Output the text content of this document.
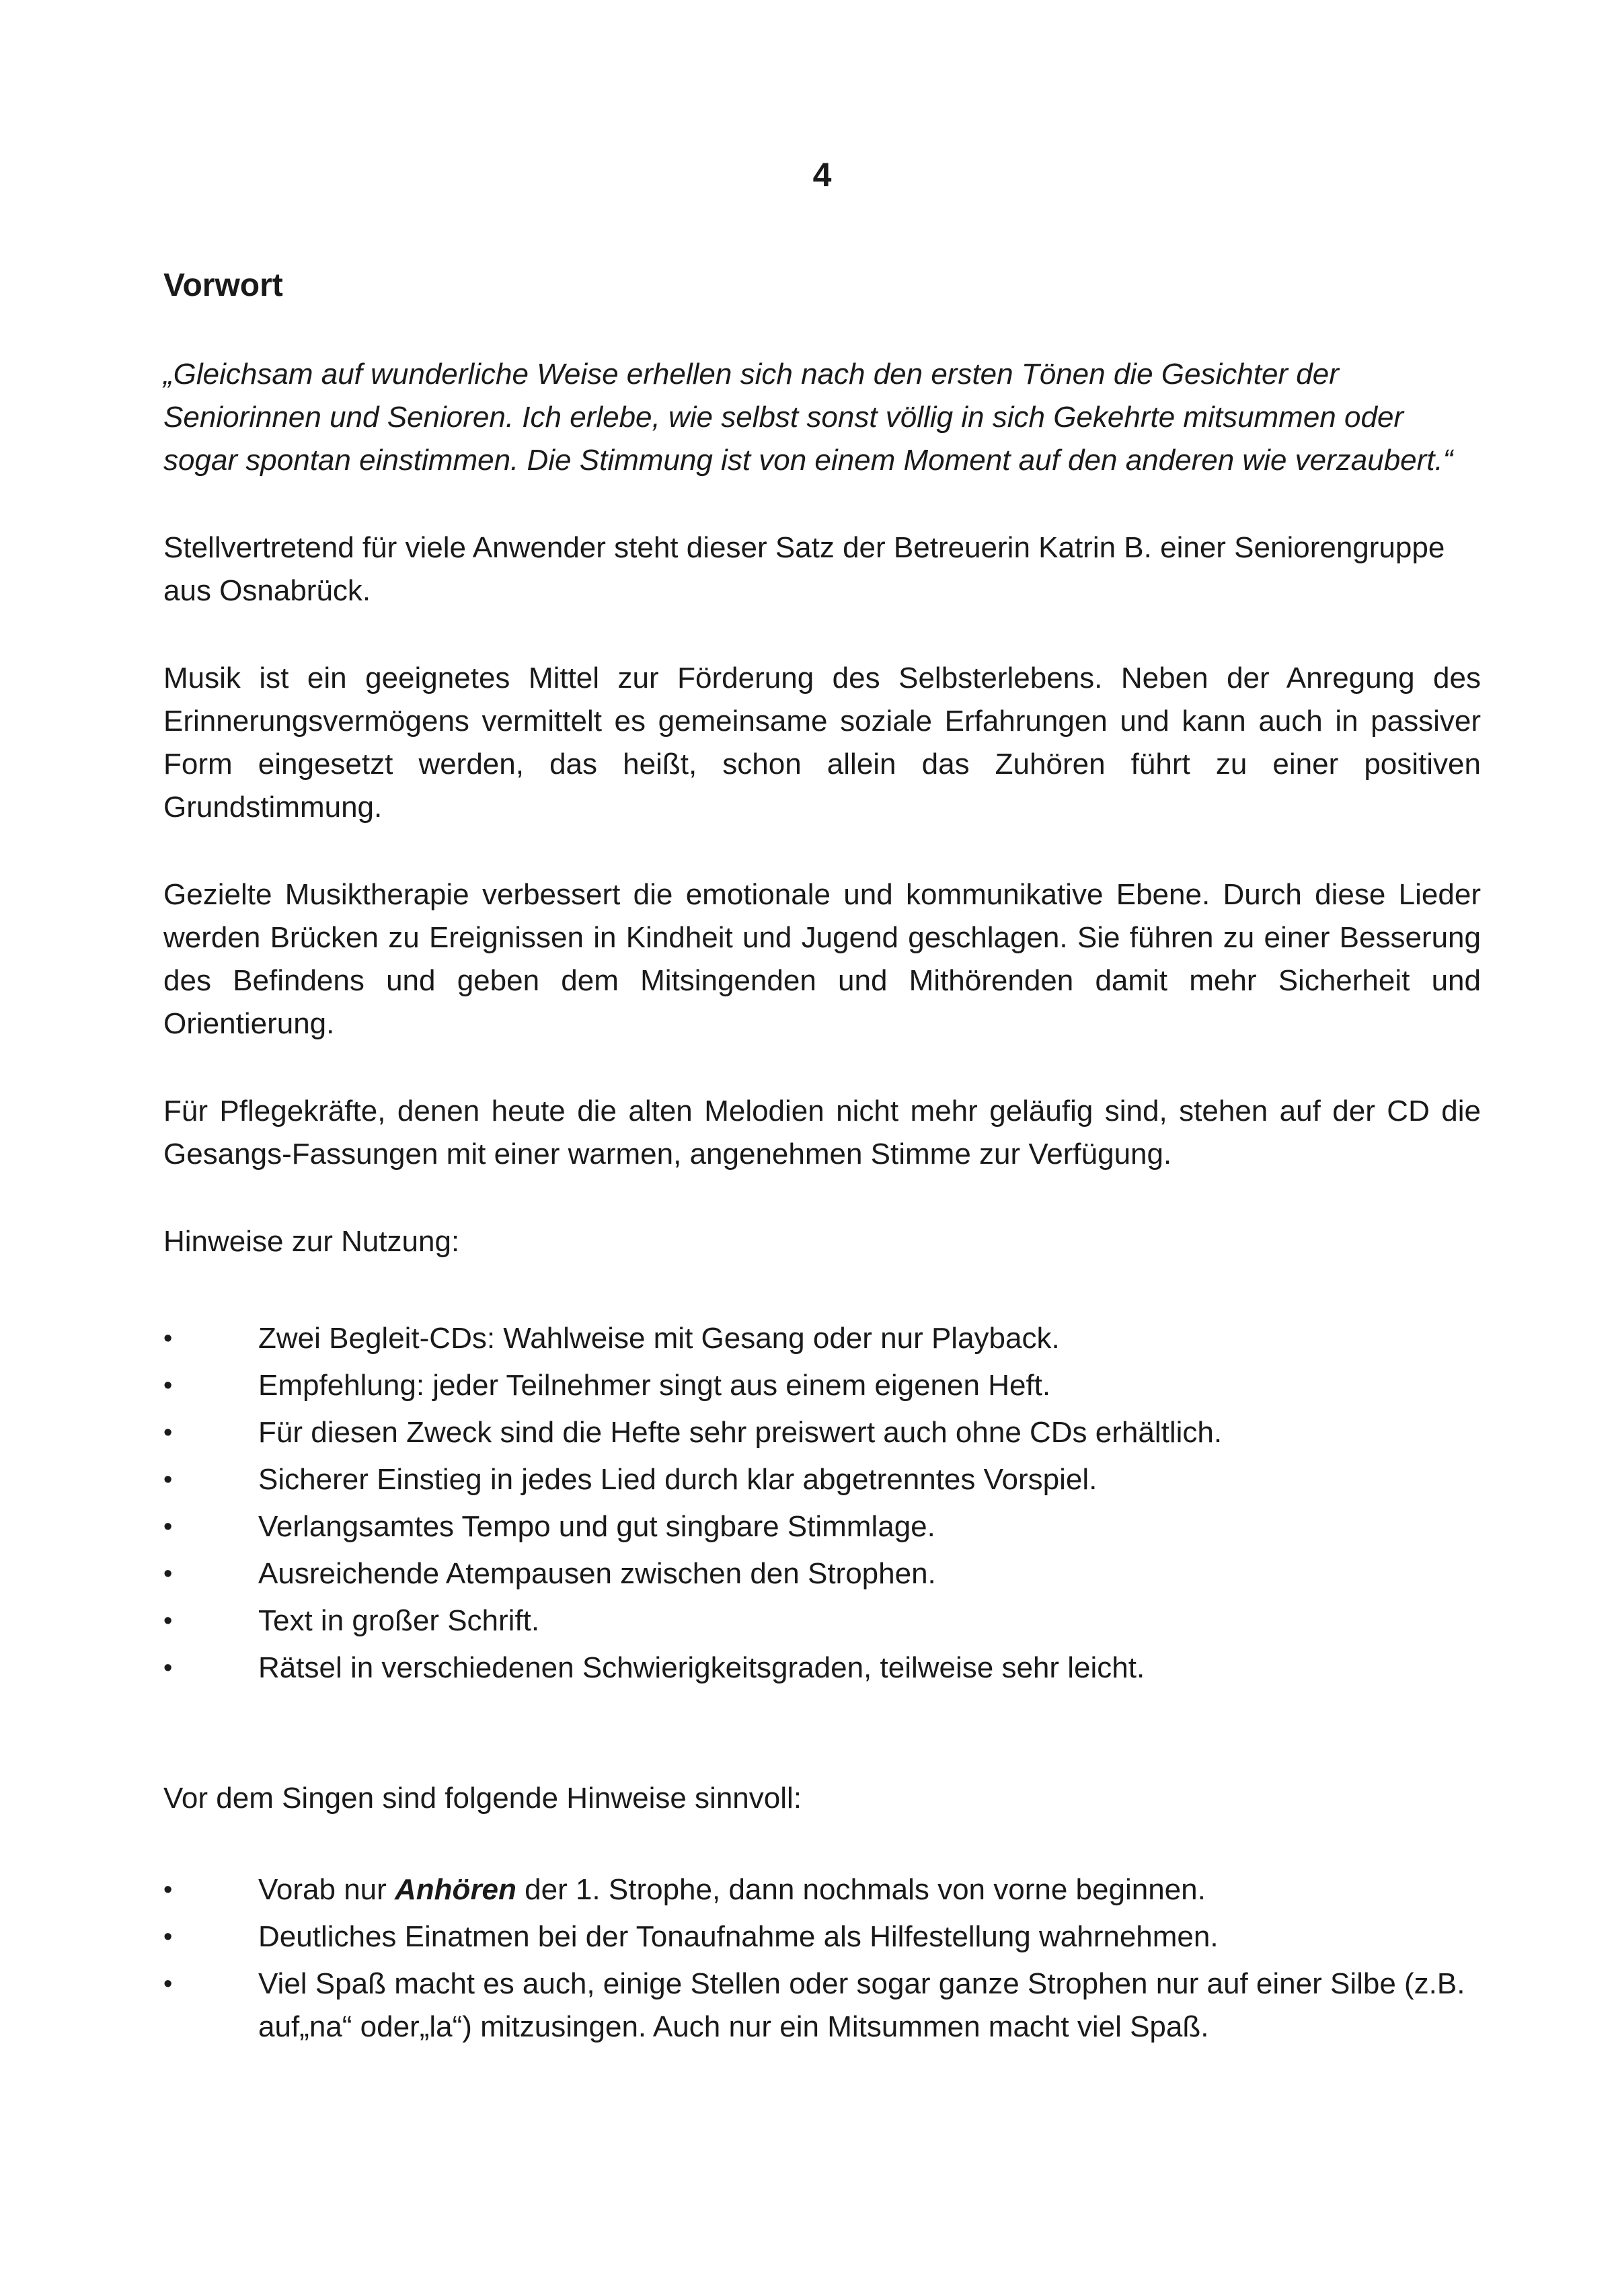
4
Vorwort

„Gleichsam auf wunderliche Weise erhellen sich nach den ersten Tönen die Gesichter der Seniorinnen und Senioren. Ich erlebe, wie selbst sonst völlig in sich Gekehrte mitsummen oder sogar spontan einstimmen. Die Stimmung ist von einem Moment auf den anderen wie verzaubert.“

Stellvertretend für viele Anwender steht dieser Satz der Betreuerin Katrin B. einer Seniorengruppe aus Osnabrück.

Musik ist ein geeignetes Mittel zur Förderung des Selbsterlebens. Neben der Anregung des Erinnerungsvermögens vermittelt es gemeinsame soziale Erfahrungen und kann auch in passiver Form eingesetzt werden, das heißt, schon allein das Zuhören führt zu einer positiven Grundstimmung.

Gezielte Musiktherapie verbessert die emotionale und kommunikative Ebene. Durch diese Lieder werden Brücken zu Ereignissen in Kindheit und Jugend geschlagen. Sie führen zu einer Besserung des Befindens und geben dem Mitsingenden und Mithörenden damit mehr Sicherheit und Orientierung.

Für Pflegekräfte, denen heute die alten Melodien nicht mehr geläufig sind, stehen auf der CD die Gesangs-Fassungen mit einer warmen, angenehmen Stimme zur Verfügung.

Hinweise zur Nutzung:

• Zwei Begleit-CDs: Wahlweise mit Gesang oder nur Playback.
• Empfehlung: jeder Teilnehmer singt aus einem eigenen Heft.
• Für diesen Zweck sind die Hefte sehr preiswert auch ohne CDs erhältlich.
• Sicherer Einstieg in jedes Lied durch klar abgetrenntes Vorspiel.
• Verlangsamtes Tempo und gut singbare Stimmlage.
• Ausreichende Atempausen zwischen den Strophen.
• Text in großer Schrift.
• Rätsel in verschiedenen Schwierigkeitsgraden, teilweise sehr leicht.

Vor dem Singen sind folgende Hinweise sinnvoll:

• Vorab nur Anhören der 1. Strophe, dann nochmals von vorne beginnen.
• Deutliches Einatmen bei der Tonaufnahme als Hilfestellung wahrnehmen.
• Viel Spaß macht es auch, einige Stellen oder sogar ganze Strophen nur auf einer Silbe (z.B. auf„na“ oder„la“) mitzusingen. Auch nur ein Mitsummen macht viel Spaß.
